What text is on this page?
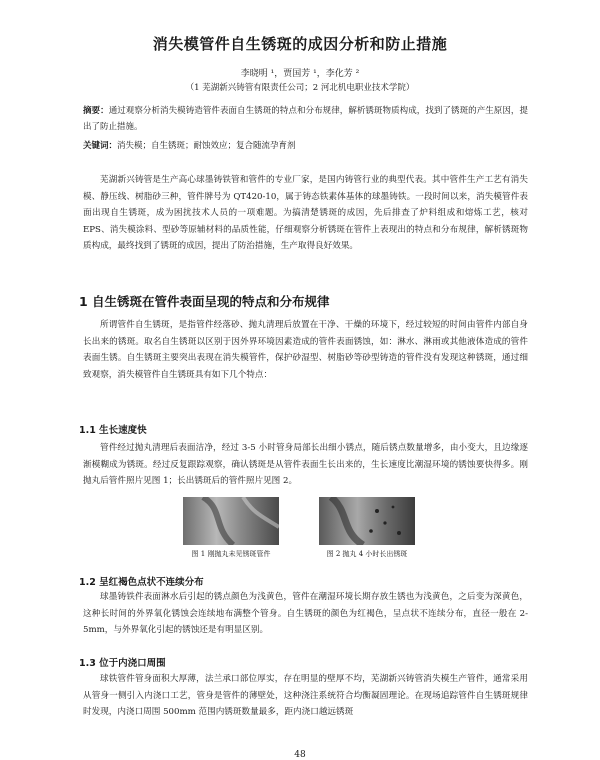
消失模管件自生锈斑的成因分析和防止措施
李晓明 ¹，贾国芳 ¹，李化芳 ²
（1 芜湖新兴铸管有限责任公司；2 河北机电职业技术学院）

摘要：通过观察分析消失模铸造管件表面自生锈斑的特点和分布规律，解析锈斑物质构成，找到了锈斑的产生原因，提出了防止措施。

关键词：消失模；自生锈斑；耐蚀效应；复合随流孕育剂

芜湖新兴铸管是生产高心球墨铸铁管和管件的专业厂家，是国内铸管行业的典型代表。其中管件生产工艺有消失模、静压线、树脂砂三种，管件牌号为 QT420-10，属于铸态铁素体基体的球墨铸铁。一段时间以来，消失模管件表面出现自生锈斑，成为困扰技术人员的一项难题。为搞清楚锈斑的成因，先后排查了炉料组成和熔炼工艺，核对 EPS、消失模涂料、型砂等原辅材料的品质性能，仔细观察分析锈斑在管件上表现出的特点和分布规律，解析锈斑物质构成，最终找到了锈斑的成因，提出了防治措施，生产取得良好效果。

1 自生锈斑在管件表面呈现的特点和分布规律

所谓管件自生锈斑，是指管件经落砂、抛丸清理后放置在干净、干燥的环境下，经过较短的时间由管件内部自身长出来的锈斑。取名自生锈斑以区别于因外界环境因素造成的管件表面锈蚀，如：淋水、淋雨或其他液体造成的管件表面生锈。自生锈斑主要突出表现在消失模管件，保护砂湿型、树脂砂等砂型铸造的管件没有发现这种锈斑，通过细致观察，消失模管件自生锈斑具有如下几个特点：

1.1 生长速度快

管件经过抛丸清理后表面洁净，经过 3-5 小时管身局部长出细小锈点，随后锈点数量增多，由小变大，且边缘逐渐模糊成为锈斑。经过反复跟踪观察，确认锈斑是从管件表面生长出来的，生长速度比潮湿环境的锈蚀要快得多。刚抛丸后管件照片见图 1；长出锈斑后的管件照片见图 2。

图 1 刚抛丸未见锈斑管件	图 2 抛丸 4 小时长出锈斑
1.2 呈红褐色点状不连续分布

球墨铸铁件表面淋水后引起的锈点颜色为浅黄色，管件在潮湿环境长期存放生锈也为浅黄色，之后变为深黄色，这种长时间的外界氧化锈蚀会连续地布满整个管身。自生锈斑的颜色为红褐色，呈点状不连续分布，直径一般在 2-5mm，与外界氧化引起的锈蚀还是有明显区别。

1.3 位于内浇口周围

球铁管件管身面积大厚薄，法兰承口部位厚实，存在明显的壁厚不均，芜湖新兴铸管消失模生产管件，通常采用从管身一侧引入内浇口工艺，管身是管件的薄壁处，这种浇注系统符合均衡凝固理论。在现场追踪管件自生锈斑规律时发现，内浇口周围 500mm 范围内锈斑数量最多，距内浇口越远锈斑

48
